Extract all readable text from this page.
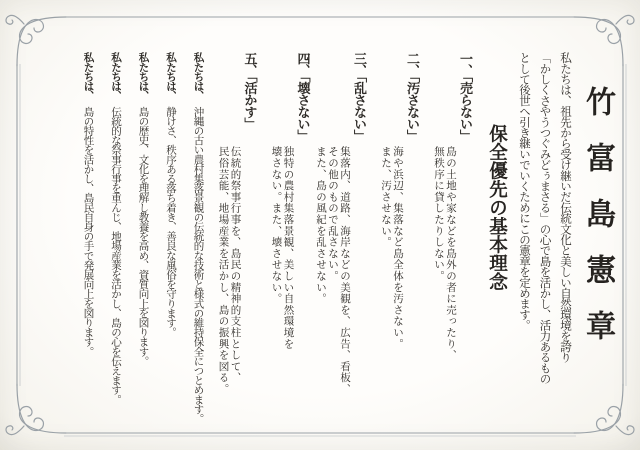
竹富島憲章

私たちは、祖先から受け継いだ伝統文化と美しい自然環境を誇り

「かしくさやうつぐみどぅまさる」の心で島を活かし、活力あるもの

として後世へ引き継いでいくためにこの憲章を定めます。

保全優先の基本理念
一、「売らない」

島の土地や家などを島外の者に売ったり、

無秩序に貸したりしない。

二、「汚さない」

海や浜辺、集落など島全体を汚さない。

また、汚させない。

三、「乱さない」

集落内、道路、海岸などの美観を、広告、看板、

その他のもので乱さない。

また、島の風紀を乱させない。

四、「壊さない」

独特の農村集落景観、美しい自然環境を

壊さない。また、壊させない。

五、「活かす」

伝統的祭事行事を、島民の精神的支柱として、

民俗芸能、地場産業を活かし、島の振興を図る。

私たちは、沖縄の古い農村集落景観の伝統的な技術と様式の維持保全につとめます。

私たちは、静けさ、秩序ある落ち着き、善良な風俗を守ります。

私たちは、島の歴史、文化を理解し教養を高め、資質向上を図ります。

私たちは、伝統的な祭事行事を重んじ、地場産業を活かし、島の心を伝えます。

私たちは、島の特性を活かし、島民自身の手で発展向上を図ります。
